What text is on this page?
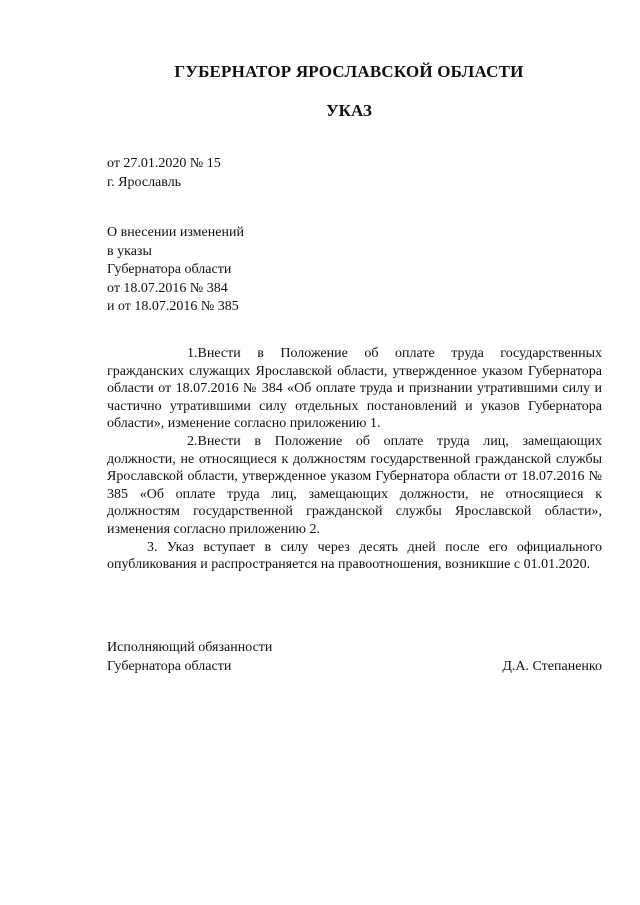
ГУБЕРНАТОР ЯРОСЛАВСКОЙ ОБЛАСТИ
УКАЗ
от 27.01.2020 № 15
г. Ярославль
О внесении изменений
в указы
Губернатора области
от 18.07.2016 № 384
и от 18.07.2016 № 385

1.Внести в Положение об оплате труда государственных гражданских служащих Ярославской области, утвержденное указом Губернатора области от 18.07.2016 № 384 «Об оплате труда и признании утратившими силу и частично утратившими силу отдельных постановлений и указов Губернатора области», изменение согласно приложению 1.

2.Внести в Положение об оплате труда лиц, замещающих должности, не относящиеся к должностям государственной гражданской службы Ярославской области, утвержденное указом Губернатора области от 18.07.2016 № 385 «Об оплате труда лиц, замещающих должности, не относящиеся к должностям государственной гражданской службы Ярославской области», изменения согласно приложению 2.

3. Указ вступает в силу через десять дней после его официального опубликования и распространяется на правоотношения, возникшие с 01.01.2020.

Исполняющий обязанности
Губернатора области	Д.А. Степаненко
